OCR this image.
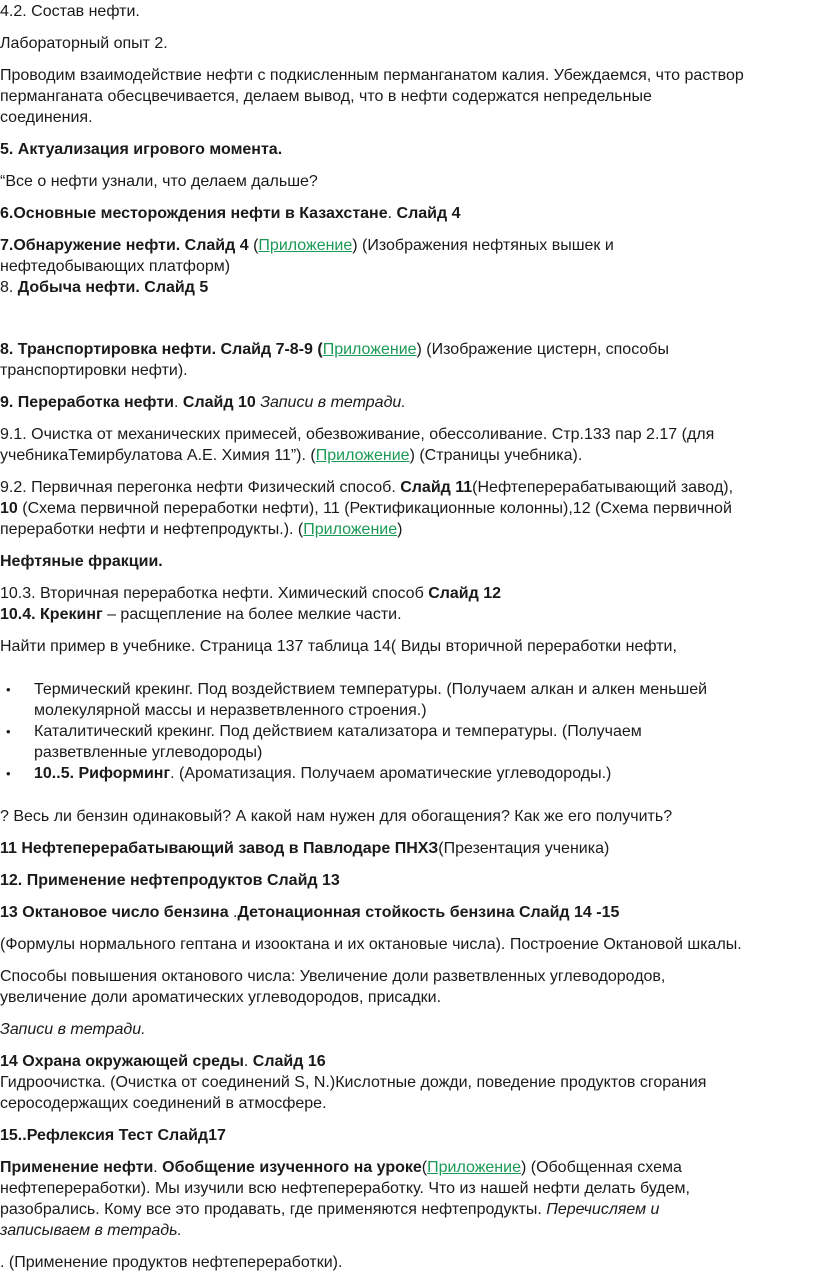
4.2. Состав нефти.
Лабораторный опыт 2.
Проводим взаимодействие нефти с подкисленным перманганатом калия. Убеждаемся, что раствор
перманганата обесцвечивается, делаем вывод, что в нефти содержатся непредельные
соединения.
5. Актуализация игрового момента.
“Все о нефти узнали, что делаем дальше?
6.Основные месторождения нефти в Казахстане. Слайд 4
7.Обнаружение нефти. Слайд 4 (Приложение) (Изображения нефтяных вышек и
нефтедобывающих платформ)
8. Добыча нефти. Слайд 5
8. Транспортировка нефти. Слайд 7-8-9 (Приложение) (Изображение цистерн, способы
транспортировки нефти).
9. Переработка нефти. Слайд 10 Записи в тетради.
9.1. Очистка от механических примесей, обезвоживание, обессоливание. Стр.133 пар 2.17 (для
учебникаТемирбулатова А.Е. Химия 11”). (Приложение) (Страницы учебника).
9.2. Первичная перегонка нефти Физический способ. Слайд 11(Нефтеперерабатывающий завод),
10 (Схема первичной переработки нефти), 11 (Ректификационные колонны),12 (Схема первичной
переработки нефти и нефтепродукты.). (Приложение)
Нефтяные фракции.
10.3. Вторичная переработка нефти. Химический способ Слайд 12
10.4. Крекинг – расщепление на более мелкие части.
Найти пример в учебнике. Страница 137 таблица 14( Виды вторичной переработки нефти,
• Термический крекинг. Под воздействием температуры. (Получаем алкан и алкен меньшей
молекулярной массы и неразветвленного строения.)
• Каталитический крекинг. Под действием катализатора и температуры. (Получаем
разветвленные углеводороды)
• 10..5. Риформинг. (Ароматизация. Получаем ароматические углеводороды.)
? Весь ли бензин одинаковый? А какой нам нужен для обогащения? Как же его получить?
11 Нефтеперерабатывающий завод в Павлодаре ПНХЗ(Презентация ученика)
12. Применение нефтепродуктов Слайд 13
13 Октановое число бензина .Детонационная стойкость бензина Слайд 14 -15
(Формулы нормального гептана и изооктана и их октановые числа). Построение Октановой шкалы.
Способы повышения октанового числа: Увеличение доли разветвленных углеводородов,
увеличение доли ароматических углеводородов, присадки.
Записи в тетради.
14 Охрана окружающей среды. Слайд 16
Гидроочистка. (Очистка от соединений S, N.)Кислотные дожди, поведение продуктов сгорания
серосодержащих соединений в атмосфере.
15..Рефлексия Тест Слайд17
Применение нефти. Обобщение изученного на уроке(Приложение) (Обобщенная схема
нефтепереработки). Мы изучили всю нефтепереработку. Что из нашей нефти делать будем,
разобрались. Кому все это продавать, где применяются нефтепродукты. Перечисляем и
записываем в тетрадь.
. (Применение продуктов нефтепереработки).
